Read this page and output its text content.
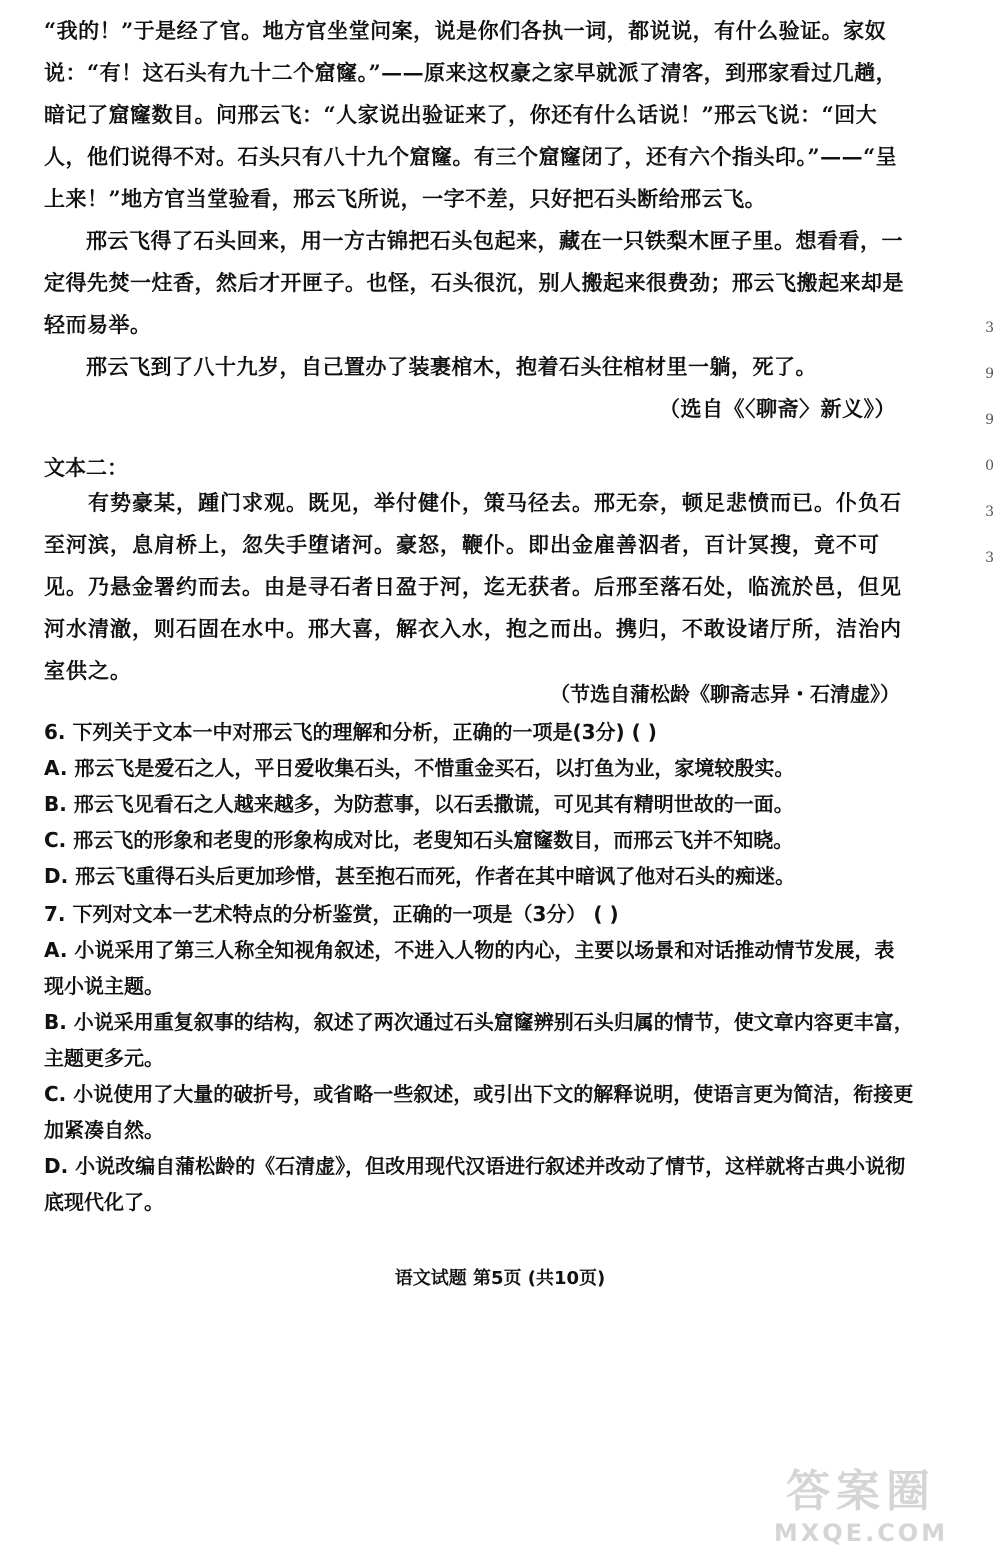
“我的！”于是经了官。地方官坐堂问案，说是你们各执一词，都说说，有什么验证。家奴说：“有！这石头有九十二个窟窿。”——原来这权豪之家早就派了清客，到邢家看过几趟，暗记了窟窿数目。问邢云飞：“人家说出验证来了，你还有什么话说！”邢云飞说：“回大人，他们说得不对。石头只有八十九个窟窿。有三个窟窿闭了，还有六个指头印。”——“呈上来！”地方官当堂验看，邢云飞所说，一字不差，只好把石头断给邢云飞。

邢云飞得了石头回来，用一方古锦把石头包起来，藏在一只铁梨木匣子里。想看看，一定得先焚一炷香，然后才开匣子。也怪，石头很沉，别人搬起来很费劲；邢云飞搬起来却是轻而易举。

邢云飞到了八十九岁，自己置办了装裹棺木，抱着石头往棺材里一躺，死了。

（选自《〈聊斋〉新义》）

文本二：

有势豪某，踵门求观。既见，举付健仆，策马径去。邢无奈，顿足悲愤而已。仆负石至河滨，息肩桥上，忽失手堕诸河。豪怒，鞭仆。即出金雇善泅者，百计冥搜，竟不可见。乃悬金署约而去。由是寻石者日盈于河，迄无获者。后邢至落石处，临流於邑，但见河水清澈，则石固在水中。邢大喜，解衣入水，抱之而出。携归，不敢设诸厅所，洁治内室供之。

（节选自蒲松龄《聊斋志异・石清虚》）

6. 下列关于文本一中对邢云飞的理解和分析，正确的一项是(3分) ( )

A. 邢云飞是爱石之人，平日爱收集石头，不惜重金买石，以打鱼为业，家境较殷实。

B. 邢云飞见看石之人越来越多，为防惹事，以石丢撒谎，可见其有精明世故的一面。

C. 邢云飞的形象和老叟的形象构成对比，老叟知石头窟窿数目，而邢云飞并不知晓。

D. 邢云飞重得石头后更加珍惜，甚至抱石而死，作者在其中暗讽了他对石头的痴迷。

7. 下列对文本一艺术特点的分析鉴赏，正确的一项是（3分） ( )

A. 小说采用了第三人称全知视角叙述，不进入人物的内心，主要以场景和对话推动情节发展，表现小说主题。

B. 小说采用重复叙事的结构，叙述了两次通过石头窟窿辨别石头归属的情节，使文章内容更丰富，主题更多元。

C. 小说使用了大量的破折号，或省略一些叙述，或引出下文的解释说明，使语言更为简洁，衔接更加紧凑自然。

D. 小说改编自蒲松龄的《石清虚》，但改用现代汉语进行叙述并改动了情节，这样就将古典小说彻底现代化了。

语文试题 第5页 (共10页)
3
9
9
0
3
3
答案圈
MXQE.COM
